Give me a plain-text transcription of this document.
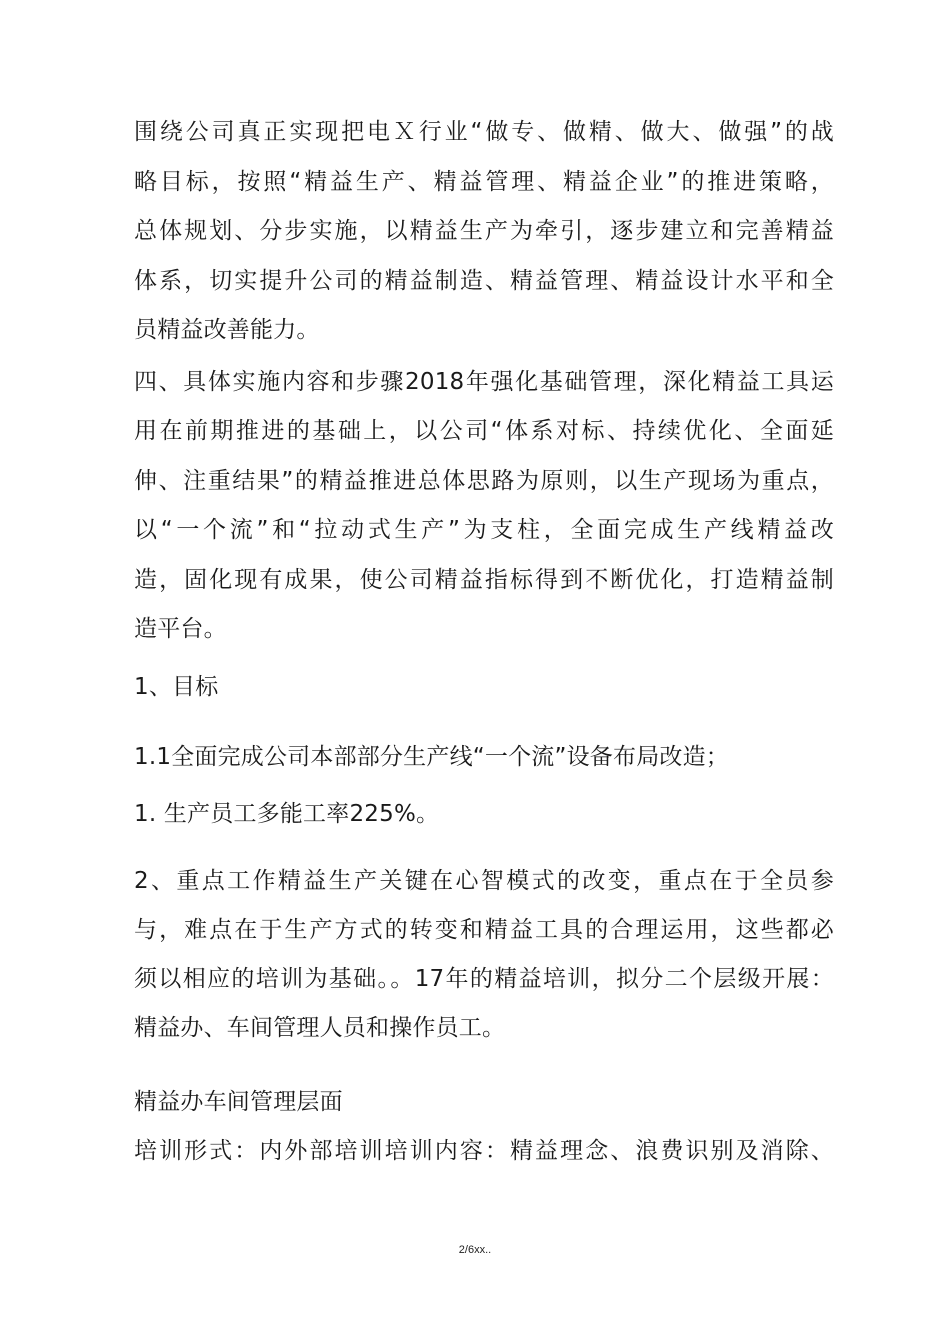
围绕公司真正实现把电Ｘ行业“做专、做精、做大、做强”的战
略目标，按照“精益生产、精益管理、精益企业”的推进策略，
总体规划、分步实施，以精益生产为牵引，逐步建立和完善精益
体系，切实提升公司的精益制造、精益管理、精益设计水平和全
员精益改善能力。
四、具体实施内容和步骤2018年强化基础管理，深化精益工具运
用在前期推进的基础上，以公司“体系对标、持续优化、全面延
伸、注重结果”的精益推进总体思路为原则，以生产现场为重点，
以“一个流”和“拉动式生产”为支柱，全面完成生产线精益改
造，固化现有成果，使公司精益指标得到不断优化，打造精益制
造平台。
1、目标
1.1全面完成公司本部部分生产线“一个流”设备布局改造；
1. 生产员工多能工率225%。
2、重点工作精益生产关键在心智模式的改变，重点在于全员参
与，难点在于生产方式的转变和精益工具的合理运用，这些都必
须以相应的培训为基础。。17年的精益培训，拟分二个层级开展：
精益办、车间管理人员和操作员工。
精益办车间管理层面
培训形式：内外部培训培训内容：精益理念、浪费识别及消除、
2/6xx..
